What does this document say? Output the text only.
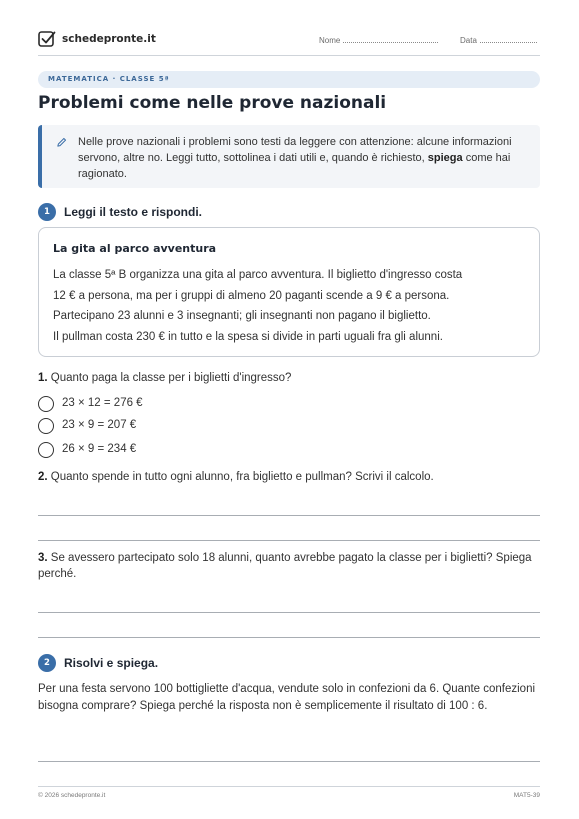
schedepronte.it	Nome	Data
MATEMATICA · CLASSE 5ª
Problemi come nelle prove nazionali
Nelle prove nazionali i problemi sono testi da leggere con attenzione: alcune informazioni servono, altre no. Leggi tutto, sottolinea i dati utili e, quando è richiesto, spiega come hai ragionato.
1	Leggi il testo e rispondi.
La gita al parco avventura
La classe 5ª B organizza una gita al parco avventura. Il biglietto d'ingresso costa
12 € a persona, ma per i gruppi di almeno 20 paganti scende a 9 € a persona.
Partecipano 23 alunni e 3 insegnanti; gli insegnanti non pagano il biglietto.
Il pullman costa 230 € in tutto e la spesa si divide in parti uguali fra gli alunni.
1. Quanto paga la classe per i biglietti d'ingresso?
23 × 12 = 276 €
23 × 9 = 207 €
26 × 9 = 234 €
2. Quanto spende in tutto ogni alunno, fra biglietto e pullman? Scrivi il calcolo.
3. Se avessero partecipato solo 18 alunni, quanto avrebbe pagato la classe per i biglietti? Spiega perché.
2	Risolvi e spiega.
Per una festa servono 100 bottigliette d'acqua, vendute solo in confezioni da 6. Quante confezioni bisogna comprare? Spiega perché la risposta non è semplicemente il risultato di 100 : 6.
© 2026 schedepronte.it	MAT5-39
